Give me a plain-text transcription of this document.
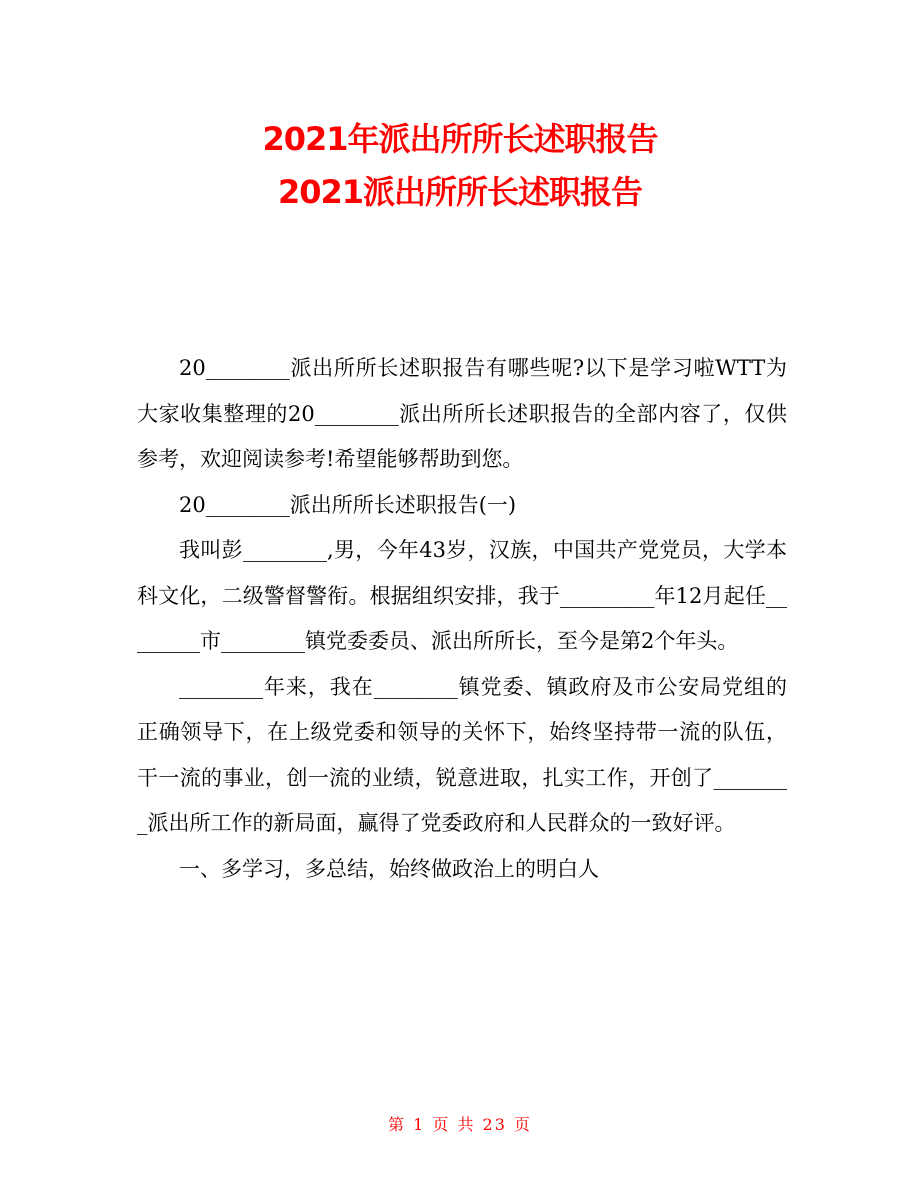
2021年派出所所长述职报告
2021派出所所长述职报告

20________派出所所长述职报告有哪些呢?以下是学习啦WTT为大家收集整理的20________派出所所长述职报告的全部内容了，仅供参考，欢迎阅读参考!希望能够帮助到您。

20________派出所所长述职报告(一)

我叫彭________,男，今年43岁，汉族，中国共产党党员，大学本科文化，二级警督警衔。根据组织安排，我于_________年12月起任________市________镇党委委员、派出所所长，至今是第2个年头。

________年来，我在________镇党委、镇政府及市公安局党组的正确领导下，在上级党委和领导的关怀下，始终坚持带一流的队伍，干一流的事业，创一流的业绩，锐意进取，扎实工作，开创了________派出所工作的新局面，赢得了党委政府和人民群众的一致好评。

一、多学习，多总结，始终做政治上的明白人

第 1 页 共 23 页
